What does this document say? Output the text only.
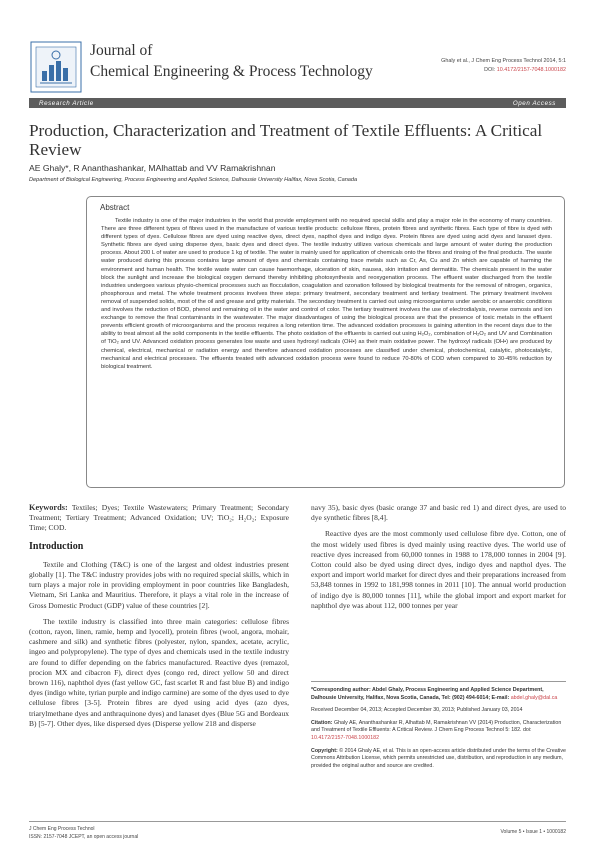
Journal of
Chemical Engineering & Process Technology
Ghaly et al., J Chem Eng Process Technol 2014, 5:1
DOI: 10.4172/2157-7048.1000182
Research Article	Open Access
Production, Characterization and Treatment of Textile Effluents: A Critical Review
AE Ghaly*, R Ananthashankar, MAlhattab and VV Ramakrishnan
Department of Biological Engineering, Process Engineering and Applied Science, Dalhousie University Halifax, Nova Scotia, Canada
Abstract

Textile industry is one of the major industries in the world that provide employment with no required special skills and play a major role in the economy of many countries. There are three different types of fibres used in the manufacture of various textile products: cellulose fibres, protein fibres and synthetic fibres. Each type of fibre is dyed with different types of dyes. Cellulose fibres are dyed using reactive dyes, direct dyes, napthol dyes and indigo dyes. Protein fibres are dyed using acid dyes and lanaset dyes. Synthetic fibres are dyed using disperse dyes, basic dyes and direct dyes. The textile industry utilizes various chemicals and large amount of water during the production process. About 200 L of water are used to produce 1 kg of textile. The water is mainly used for application of chemicals onto the fibres and rinsing of the final products. The waste water produced during this process contains large amount of dyes and chemicals containing trace metals such as Cr, As, Cu and Zn which are capable of harming the environment and human health. The textile waste water can cause haemorrhage, ulceration of skin, nausea, skin irritation and dermatitis. The chemicals present in the water block the sunlight and increase the biological oxygen demand thereby inhibiting photosynthesis and reoxygenation process. The effluent water discharged from the textile industries undergoes various physio-chemical processes such as flocculation, coagulation and ozonation followed by biological treatments for the removal of nitrogen, organics, phosphorous and metal. The whole treatment process involves three steps: primary treatment, secondary treatment and tertiary treatment. The primary treatment involves removal of suspended solids, most of the oil and grease and gritty materials. The secondary treatment is carried out using microorganisms under aerobic or anaerobic conditions and involves the reduction of BOD, phenol and remaining oil in the water and control of color. The tertiary treatment involves the use of electrodialysis, reverse osmosis and ion exchange to remove the final contaminants in the wastewater. The major disadvantages of using the biological process are that the presence of toxic metals in the effluent prevents efficient growth of microorganisms and the process requires a long retention time. The advanced oxidation processes is gaining attention in the recent days due to the ability to treat almost all the solid components in the textile effluents. The photo oxidation of the effluents is carried out using H₂O₂, combination of H₂O₂ and UV and Combination of TiO₂ and UV. Advanced oxidation process generates low waste and uses hydroxyl radicals (OH•) as their main oxidative power. The hydroxyl radicals (OH•) are produced by chemical, electrical, mechanical or radiation energy and therefore advanced oxidation processes are classified under chemical, photochemical, catalytic, photocatalytic, mechanical and electrical processes. The effluents treated with advanced oxidation process were found to reduce 70-80% of COD when compared to 30-45% reduction by biological treatment.

Keywords: Textiles; Dyes; Textile Wastewaters; Primary Treatment; Secondary Treatment; Tertiary Treatment; Advanced Oxidation; UV; TiO₂; H₂O₂; Exposure Time; COD.

Introduction

Textile and Clothing (T&C) is one of the largest and oldest industries present globally [1]. The T&C industry provides jobs with no required special skills, which in turn plays a major role in providing employment in poor countries like Bangladesh, Vietnam, Sri Lanka and Mauritius. Therefore, it plays a vital role in the increase of Gross Domestic Product (GDP) value of these countries [2].

The textile industry is classified into three main categories: cellulose fibres (cotton, rayon, linen, ramie, hemp and lyocell), protein fibres (wool, angora, mohair, cashmere and silk) and synthetic fibres (polyester, nylon, spandex, acetate, acrylic, ingeo and polypropylene). The type of dyes and chemicals used in the textile industry are found to differ depending on the fabrics manufactured. Reactive dyes (remazol, procion MX and cibacron F), direct dyes (congo red, direct yellow 50 and direct brown 116), naphthol dyes (fast yellow GC, fast scarlet R and fast blue B) and indigo dyes (indigo white, tyrian purple and indigo carmine) are some of the dyes used to dye cellulose fibres [3-5]. Protein fibres are dyed using acid dyes (azo dyes, triarylmethane dyes and anthraquinone dyes) and lanaset dyes (Blue 5G and Bordeaux B) [5-7]. Other dyes, like dispersed dyes (Disperse yellow 218 and disperse

navy 35), basic dyes (basic orange 37 and basic red 1) and direct dyes, are used to dye synthetic fibres [8,4].

Reactive dyes are the most commonly used cellulose fibre dye. Cotton, one of the most widely used fibres is dyed mainly using reactive dyes. The world use of reactive dyes increased from 60,000 tonnes in 1988 to 178,000 tonnes in 2004 [9]. Cotton could also be dyed using direct dyes, indigo dyes and napthol dyes. The export and import world market for direct dyes and their preparations increased from 53,848 tonnes in 1992 to 181,998 tonnes in 2011 [10]. The annual world production of indigo dye is 80,000 tonnes [11], while the global import and export market for naphthol dye was about 112, 000 tonnes per year

*Corresponding author: Abdel Ghaly, Process Engineering and Applied Science Department, Dalhousie University, Halifax, Nova Scotia, Canada, Tel: (902) 494-6014; E-mail: abdel.ghaly@dal.ca

Received December 04, 2013; Accepted December 30, 2013; Published January 03, 2014

Citation: Ghaly AE, Ananthashankar R, Alhattab M, Ramakrishnan VV (2014) Production, Characterization and Treatment of Textile Effluents: A Critical Review. J Chem Eng Process Technol 5: 182. doi: 10.4172/2157-7048.1000182

Copyright: © 2014 Ghaly AE, et al. This is an open-access article distributed under the terms of the Creative Commons Attribution License, which permits unrestricted use, distribution, and reproduction in any medium, provided the original author and source are credited.

J Chem Eng Process Technol
ISSN: 2157-7048 JCEPT, an open access journal
Volume 5 • Issue 1 • 1000182
